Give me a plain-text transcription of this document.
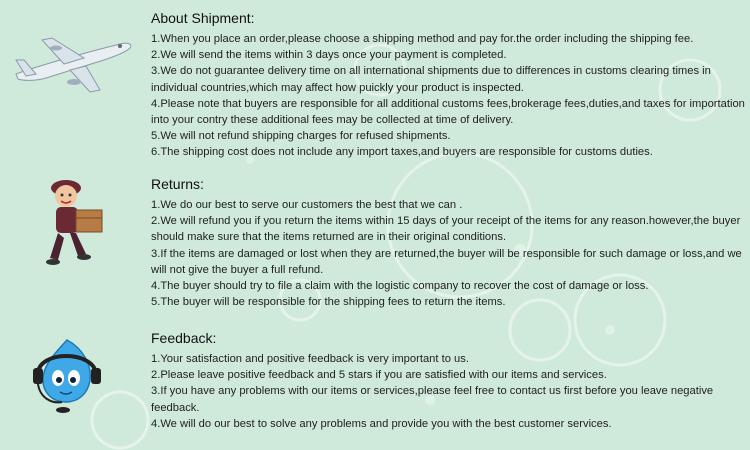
About Shipment:

1.When you place an order,please choose a shipping method and pay for.the order including the shipping fee.

2.We will send the items within 3 days once your payment is completed.

3.We do not guarantee delivery time on all international shipments due to differences in customs clearing times in individual countries,which may affect how puickly your product is inspected.

4.Please note that buyers are responsible for all additional customs fees,brokerage fees,duties,and taxes for importation into your contry these additional fees may be collected at time of delivery.

5.We will not refund shipping charges for refused shipments.

6.The shipping cost does not include any import taxes,and buyers are responsible for customs duties.

Returns:

1.We do our best to serve our customers the best that we can .

2.We will refund you if you return the items within 15 days of your receipt of the items for any reason.however,the buyer should make sure that the items returned are in their original conditions.

3.If the items are damaged or lost when they are returned,the buyer will be responsible for such damage or loss,and we will not give the buyer a full refund.

4.The buyer should try to file a claim with the logistic company to recover the cost of damage or loss.

5.The buyer will be responsible for the shipping fees to return the items.

Feedback:

1.Your satisfaction and positive feedback is very important to us.

2.Please leave positive feedback and 5 stars if you are satisfied with our items and services.

3.If you have any problems with our items or services,please feel free to contact us first before you leave negative feedback.

4.We will do our best to solve any problems and provide you with the best customer services.
